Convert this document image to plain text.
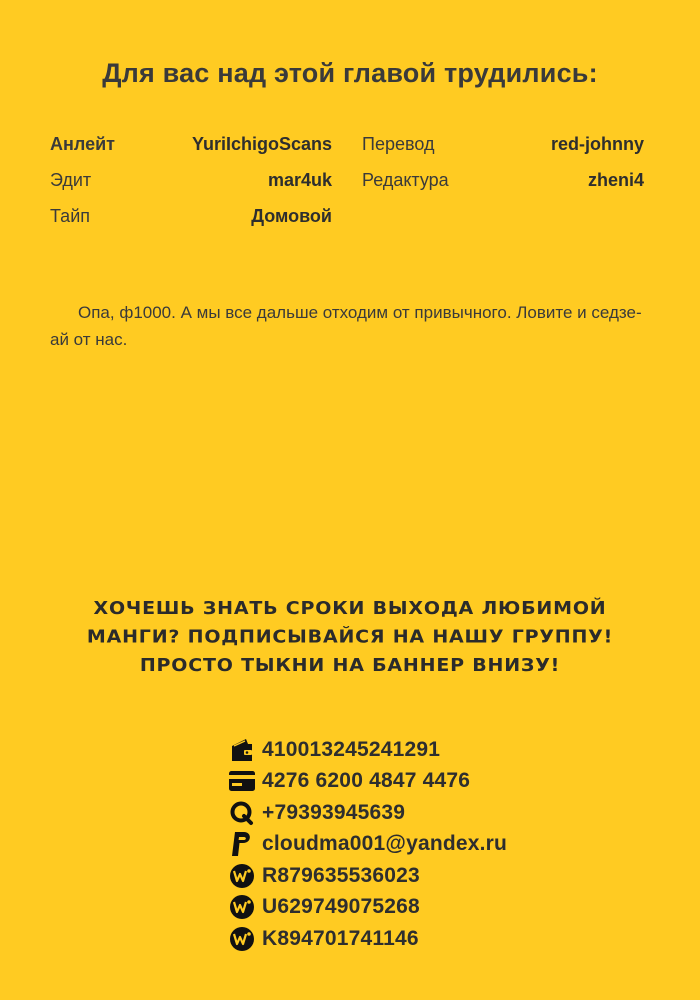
Для вас над этой главой трудились:
Анлейт	YuriIchigoScans Перевод	red-johnny
Эдит	mar4uk Редактура	zheni4
Тайп	Домовой
Опа, ф1000. А мы все дальше отходим от привычного. Ловите и седзе-ай от нас.
ХОЧЕШЬ ЗНАТЬ СРОКИ ВЫХОДА ЛЮБИМОЙ
МАНГИ? ПОДПИСЫВАЙСЯ НА НАШУ ГРУППУ!
ПРОСТО ТЫКНИ НА БАННЕР ВНИЗУ!
410013245241291
4276 6200 4847 4476
+79393945639
cloudma001@yandex.ru
R879635536023
U629749075268
K894701741146
